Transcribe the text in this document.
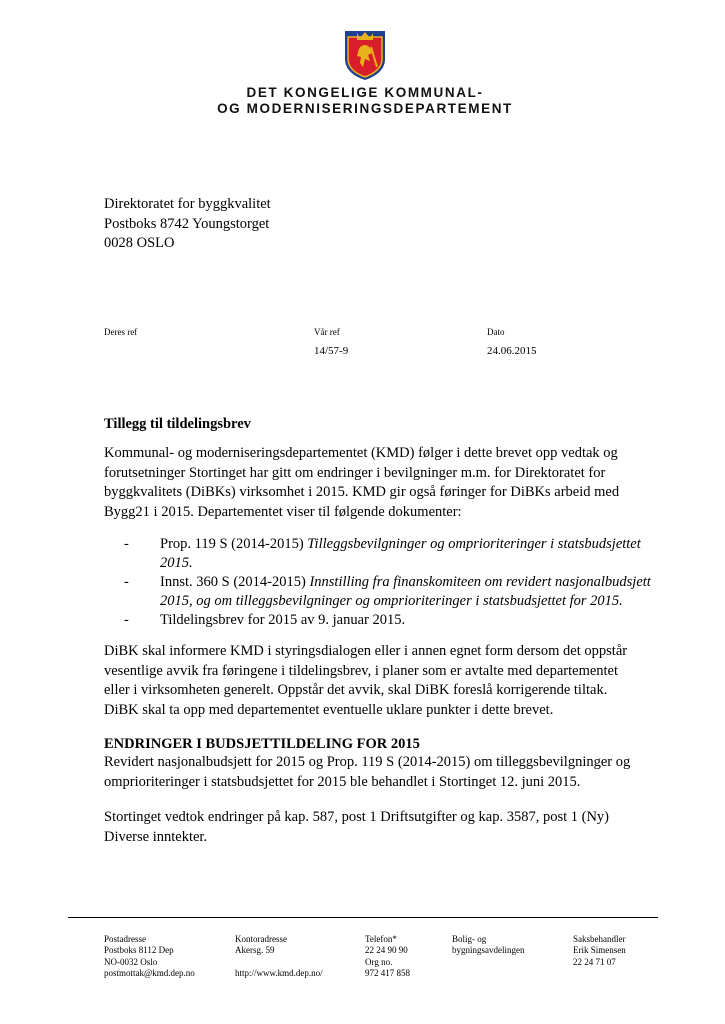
DET KONGELIGE KOMMUNAL-
OG MODERNISERINGSDEPARTEMENT
Direktoratet for byggkvalitet
Postboks 8742 Youngstorget
0028 OSLO
Deres ref	Vår ref
14/57-9
Dato
24.06.2015
Tillegg til tildelingsbrev
Kommunal- og moderniseringsdepartementet (KMD) følger i dette brevet opp vedtak og forutsetninger Stortinget har gitt om endringer i bevilgninger m.m. for Direktoratet for byggkvalitets (DiBKs) virksomhet i 2015. KMD gir også føringer for DiBKs arbeid med Bygg21 i 2015. Departementet viser til følgende dokumenter:
- Prop. 119 S (2014-2015) Tilleggsbevilgninger og omprioriteringer i statsbudsjettet 2015.
- Innst. 360 S (2014-2015) Innstilling fra finanskomiteen om revidert nasjonalbudsjett 2015, og om tilleggsbevilgninger og omprioriteringer i statsbudsjettet for 2015.
- Tildelingsbrev for 2015 av 9. januar 2015.
DiBK skal informere KMD i styringsdialogen eller i annen egnet form dersom det oppstår vesentlige avvik fra føringene i tildelingsbrev, i planer som er avtalte med departementet eller i virksomheten generelt. Oppstår det avvik, skal DiBK foreslå korrigerende tiltak. DiBK skal ta opp med departementet eventuelle uklare punkter i dette brevet.
ENDRINGER I BUDSJETTILDELING FOR 2015
Revidert nasjonalbudsjett for 2015 og Prop. 119 S (2014-2015) om tilleggsbevilgninger og omprioriteringer i statsbudsjettet for 2015 ble behandlet i Stortinget 12. juni 2015.
Stortinget vedtok endringer på kap. 587, post 1 Driftsutgifter og kap. 3587, post 1 (Ny) Diverse inntekter.
Postadresse
Postboks 8112 Dep
NO-0032 Oslo
postmottak@kmd.dep.no
Kontoradresse
Akersg. 59

http://www.kmd.dep.no/
Telefon*
22 24 90 90
Org no.
972 417 858
Bolig- og
bygningsavdelingen
Saksbehandler
Erik Simensen
22 24 71 07
